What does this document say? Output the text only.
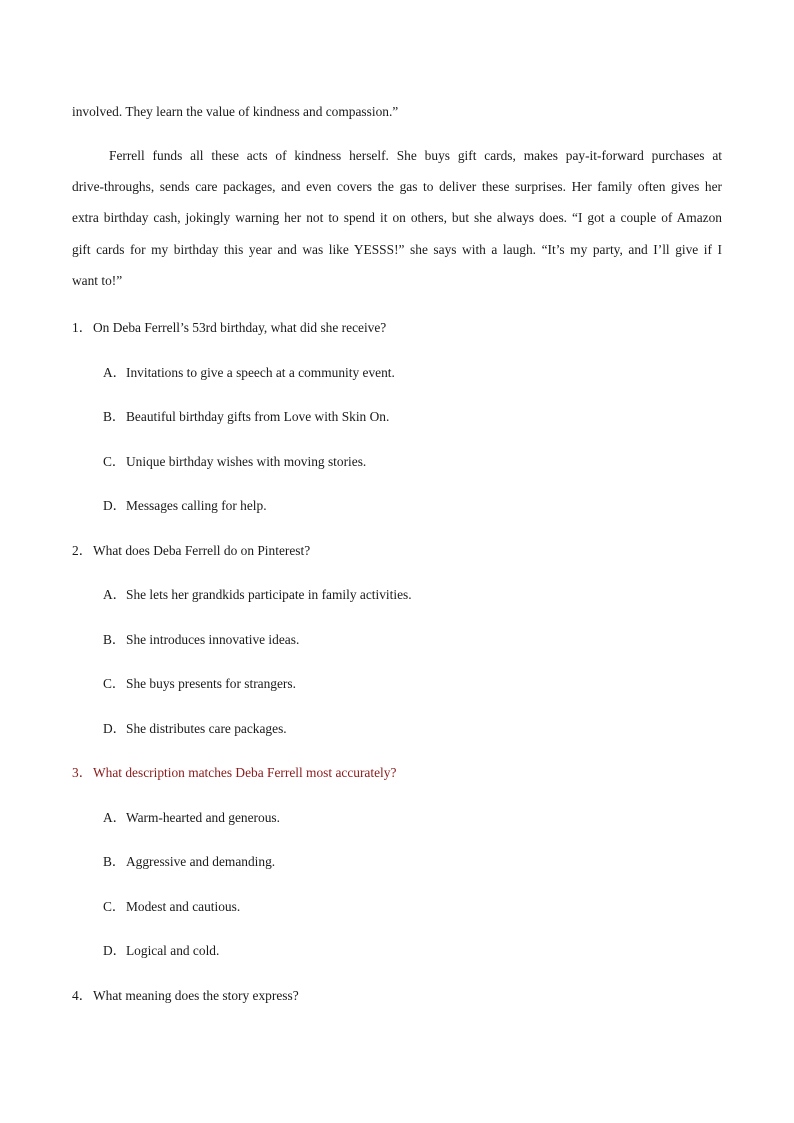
involved. They learn the value of kindness and compassion.”
Ferrell funds all these acts of kindness herself. She buys gift cards, makes pay-it-forward purchases at
drive-throughs, sends care packages, and even covers the gas to deliver these surprises. Her family often gives her
extra birthday cash, jokingly warning her not to spend it on others, but she always does. “I got a couple of Amazon
gift cards for my birthday this year and was like YESSS!” she says with a laugh. “It’s my party, and I’ll give if I
want to!”
1．On Deba Ferrell’s 53rd birthday, what did she receive?
A．Invitations to give a speech at a community event.
B．Beautiful birthday gifts from Love with Skin On.
C．Unique birthday wishes with moving stories.
D．Messages calling for help.
2．What does Deba Ferrell do on Pinterest?
A．She lets her grandkids participate in family activities.
B．She introduces innovative ideas.
C．She buys presents for strangers.
D．She distributes care packages.
3．What description matches Deba Ferrell most accurately?
A．Warm-hearted and generous.
B．Aggressive and demanding.
C．Modest and cautious.
D．Logical and cold.
4．What meaning does the story express?
